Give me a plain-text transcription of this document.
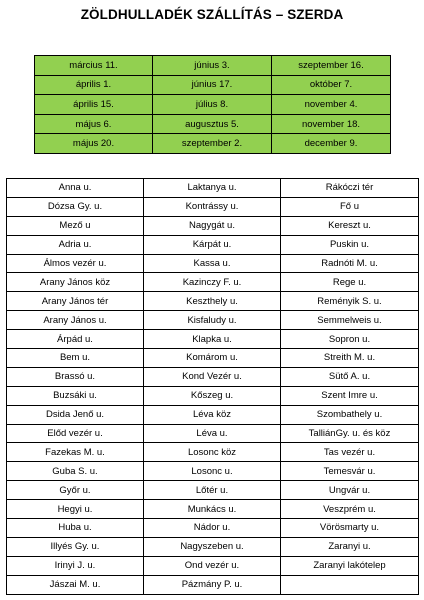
ZÖLDHULLADÉK SZÁLLÍTÁS – SZERDA
március 11.	június 3.	szeptember 16.
április 1.	június 17.	október 7.
április 15.	július 8.	november 4.
május 6.	augusztus 5.	november 18.
május 20.	szeptember 2.	december 9.
Anna u.	Laktanya u.	Rákóczi tér
Dózsa Gy. u.	Kontrássy u.	Fő u
Mező u	Nagygát u.	Kereszt u.
Adria u.	Kárpát u.	Puskin u.
Álmos vezér u.	Kassa u.	Radnóti M. u.
Arany János köz	Kazinczy F. u.	Rege u.
Arany János tér	Keszthely u.	Reményik S. u.
Arany János u.	Kisfaludy u.	Semmelweis u.
Árpád u.	Klapka u.	Sopron u.
Bem u.	Komárom u.	Streith M. u.
Brassó u.	Kond Vezér u.	Sütő A. u.
Buzsáki u.	Kőszeg u.	Szent Imre u.
Dsida Jenő u.	Léva köz	Szombathely u.
Előd vezér u.	Léva u.	TalliánGy. u. és köz
Fazekas M. u.	Losonc köz	Tas vezér u.
Guba S. u.	Losonc u.	Temesvár u.
Győr u.	Lőtér u.	Ungvár u.
Hegyi u.	Munkács u.	Veszprém u.
Huba u.	Nádor u.	Vörösmarty u.
Illyés Gy. u.	Nagyszeben u.	Zaranyi u.
Irinyi J. u.	Ond vezér u.	Zaranyi lakótelep
Jászai M. u.	Pázmány P. u.	
